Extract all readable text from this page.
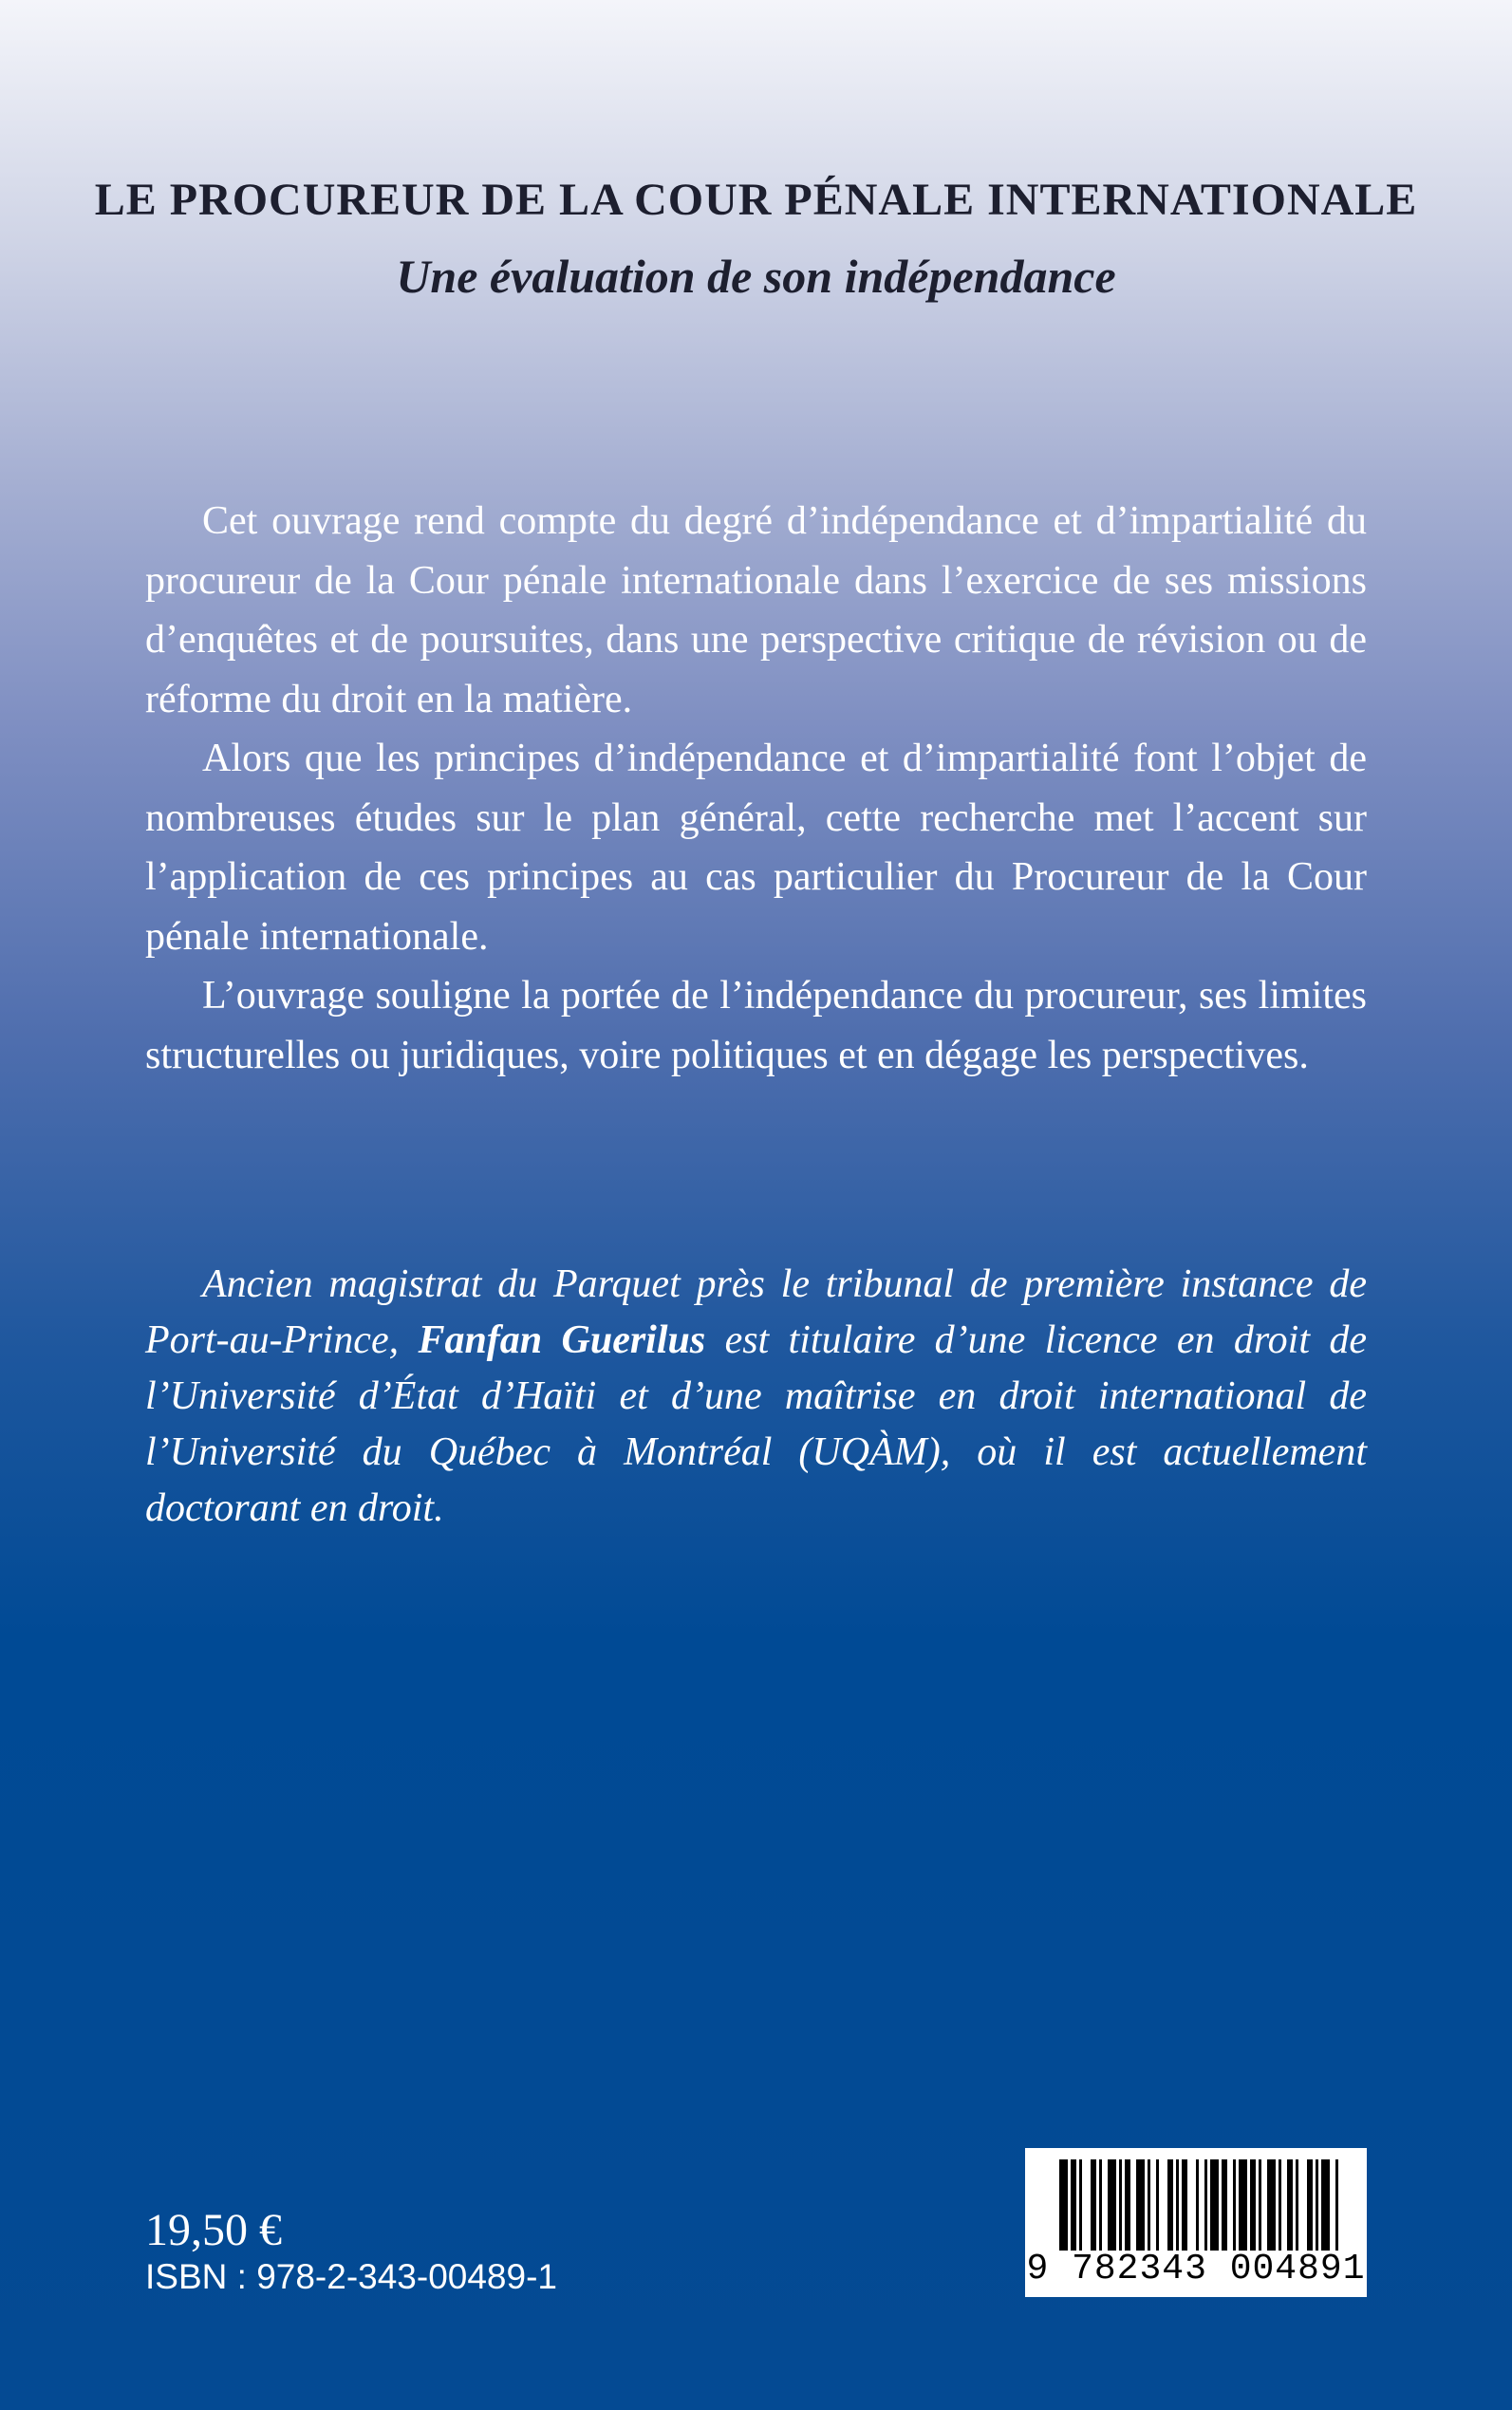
LE PROCUREUR DE LA COUR PÉNALE INTERNATIONALE
Une évaluation de son indépendance

Cet ouvrage rend compte du degré d’indépendance et d’impartialité du procureur de la Cour pénale internationale dans l’exercice de ses missions d’enquêtes et de poursuites, dans une perspective critique de révision ou de réforme du droit en la matière.

Alors que les principes d’indépendance et d’impartialité font l’objet de nombreuses études sur le plan général, cette recherche met l’accent sur l’application de ces principes au cas particulier du Procureur de la Cour pénale internationale.

L’ouvrage souligne la portée de l’indépendance du procureur, ses limites structurelles ou juridiques, voire politiques et en dégage les perspectives.

Ancien magistrat du Parquet près le tribunal de première instance de Port-au-Prince, Fanfan Guerilus est titulaire d’une licence en droit de l’Université d’État d’Haïti et d’une maîtrise en droit international de l’Université du Québec à Montréal (UQÀM), où il est actuellement doctorant en droit.

19,50 €

ISBN : 978-2-343-00489-1	9 782343 004891
